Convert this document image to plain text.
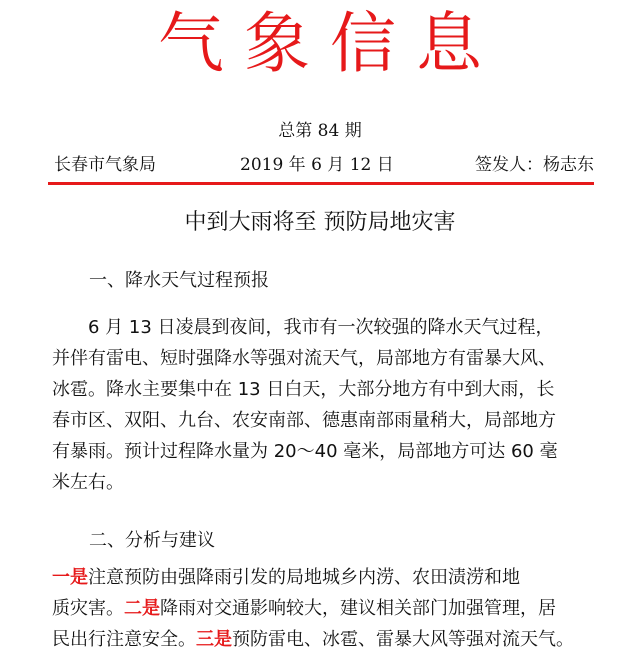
气象信息
总第 84 期
长春市气象局	2019 年 6 月 12 日	签发人：杨志东
中到大雨将至 预防局地灾害
一、降水天气过程预报
6 月 13 日凌晨到夜间，我市有一次较强的降水天气过程，
并伴有雷电、短时强降水等强对流天气，局部地方有雷暴大风、
冰雹。降水主要集中在 13 日白天，大部分地方有中到大雨，长
春市区、双阳、九台、农安南部、德惠南部雨量稍大，局部地方
有暴雨。预计过程降水量为 20～40 毫米，局部地方可达 60 毫
米左右。
二、分析与建议
一是注意预防由强降雨引发的局地城乡内涝、农田渍涝和地
质灾害。二是降雨对交通影响较大，建议相关部门加强管理，居
民出行注意安全。三是预防雷电、冰雹、雷暴大风等强对流天气。
